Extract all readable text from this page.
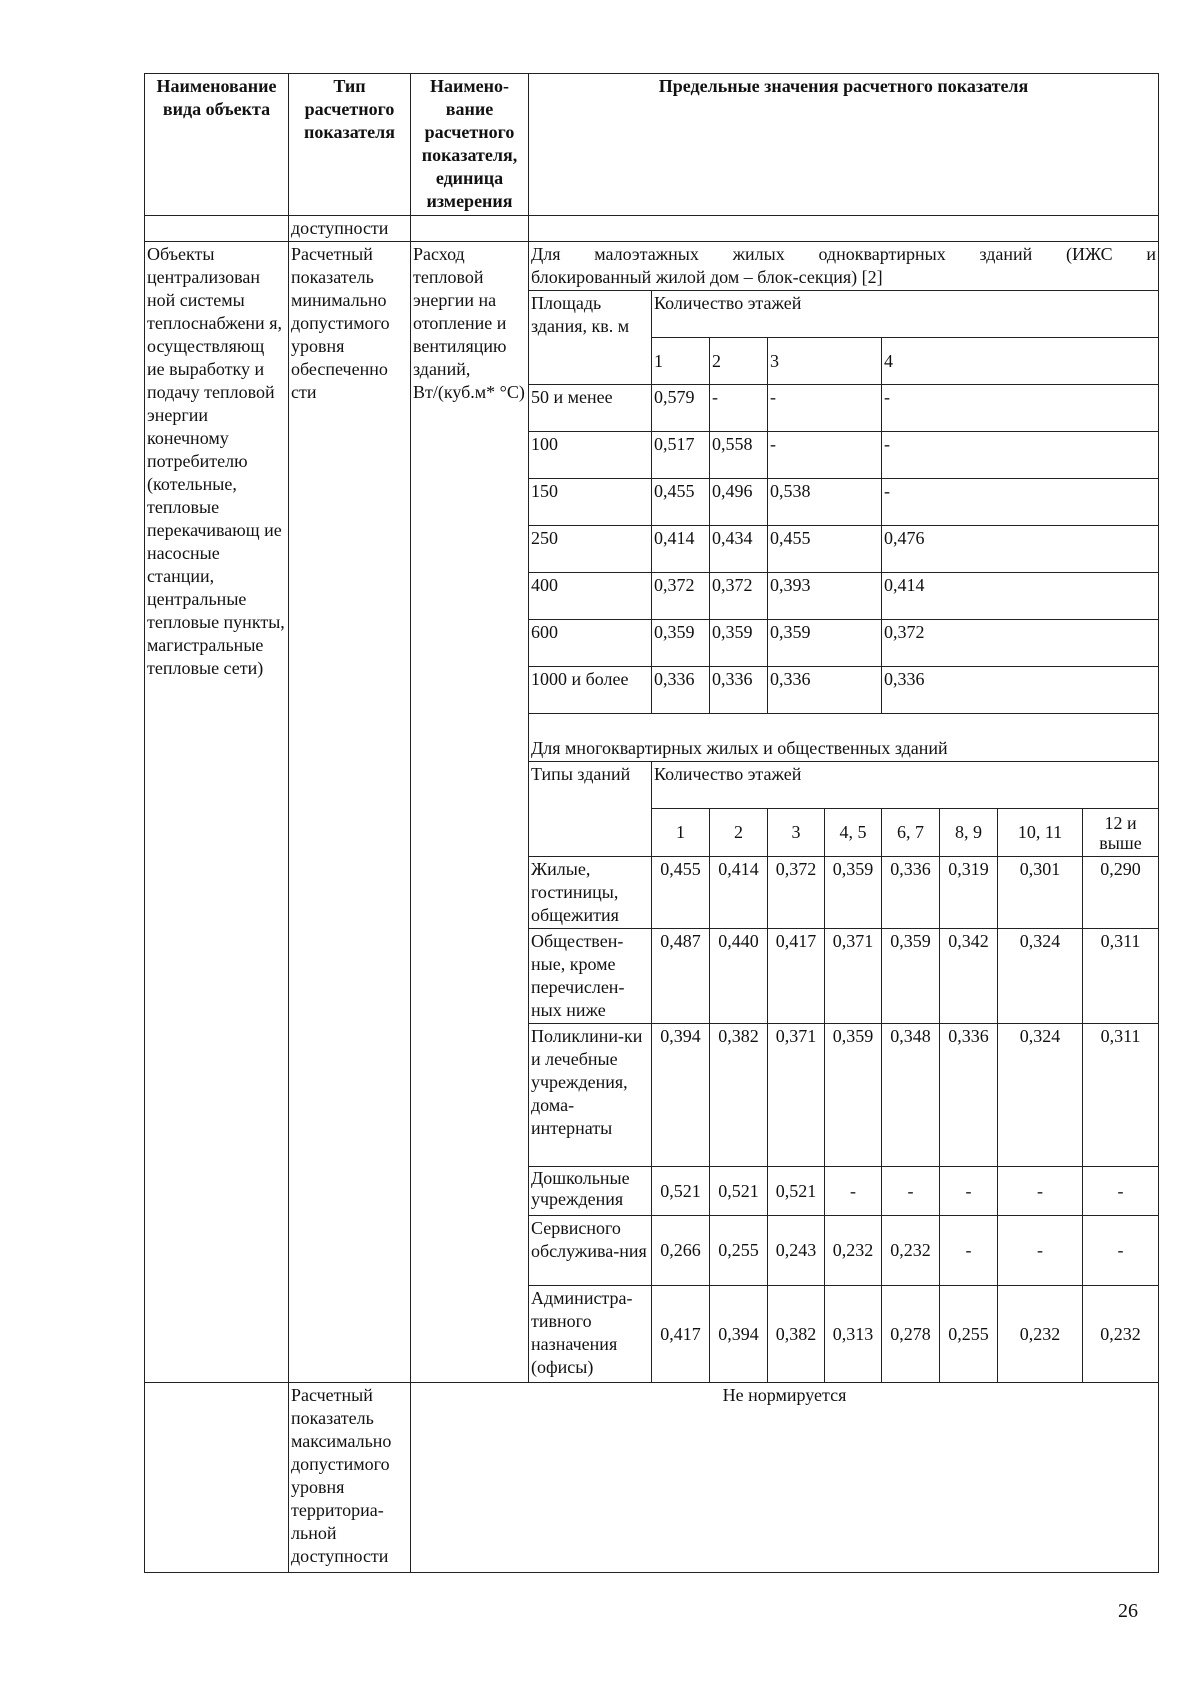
Наименование вида объекта	Тип расчетного показателя	Наимено-вание расчетного показателя, единица измерения	Предельные значения расчетного показателя								
	доступности										
Объекты централизован ной системы теплоснабжени я, осуществляющ ие выработку и подачу тепловой энергии конечному потребителю (котельные, тепловые перекачивающ ие насосные станции, центральные тепловые пункты, магистральные тепловые сети)	Расчетный показатель минимально допустимого уровня обеспеченно сти	Расход тепловой энергии на отопление и вентиляцию зданий, Вт/(куб.м* °С)	Для малоэтажных жилых одноквартирных зданий (ИЖС и
блокированный жилой дом – блок-секция) [2]								

			Площадь здания, кв. м	Количество этажей							
				1	2	3		4			
			50 и менее	0,579	-	-		-			
			100	0,517	0,558	-		-			
			150	0,455	0,496	0,538		-			
			250	0,414	0,434	0,455		0,476			
			400	0,372	0,372	0,393		0,414			
			600	0,359	0,359	0,359		0,372			
			1000 и более	0,336	0,336	0,336		0,336			
			Для многоквартирных жилых и общественных зданий								
			Типы зданий	Количество этажей							
				1	2	3	4, 5	6, 7	8, 9	10, 11	12 и выше
			Жилые, гостиницы, общежития	0,455	0,414	0,372	0,359	0,336	0,319	0,301	0,290
			Обществен-ные, кроме перечислен-ных ниже	0,487	0,440	0,417	0,371	0,359	0,342	0,324	0,311
			Поликлини-ки и лечебные учреждения, дома-интернаты	0,394	0,382	0,371	0,359	0,348	0,336	0,324	0,311
			Дошкольные учреждения	0,521	0,521	0,521	-	-	-	-	-
			Сервисного обслужива-ния	0,266	0,255	0,243	0,232	0,232	-	-	-
			Администра-тивного назначения (офисы)	0,417	0,394	0,382	0,313	0,278	0,255	0,232	0,232
	Расчетный показатель максимально допустимого уровня территориа-льной доступности	Не нормируется									
26
